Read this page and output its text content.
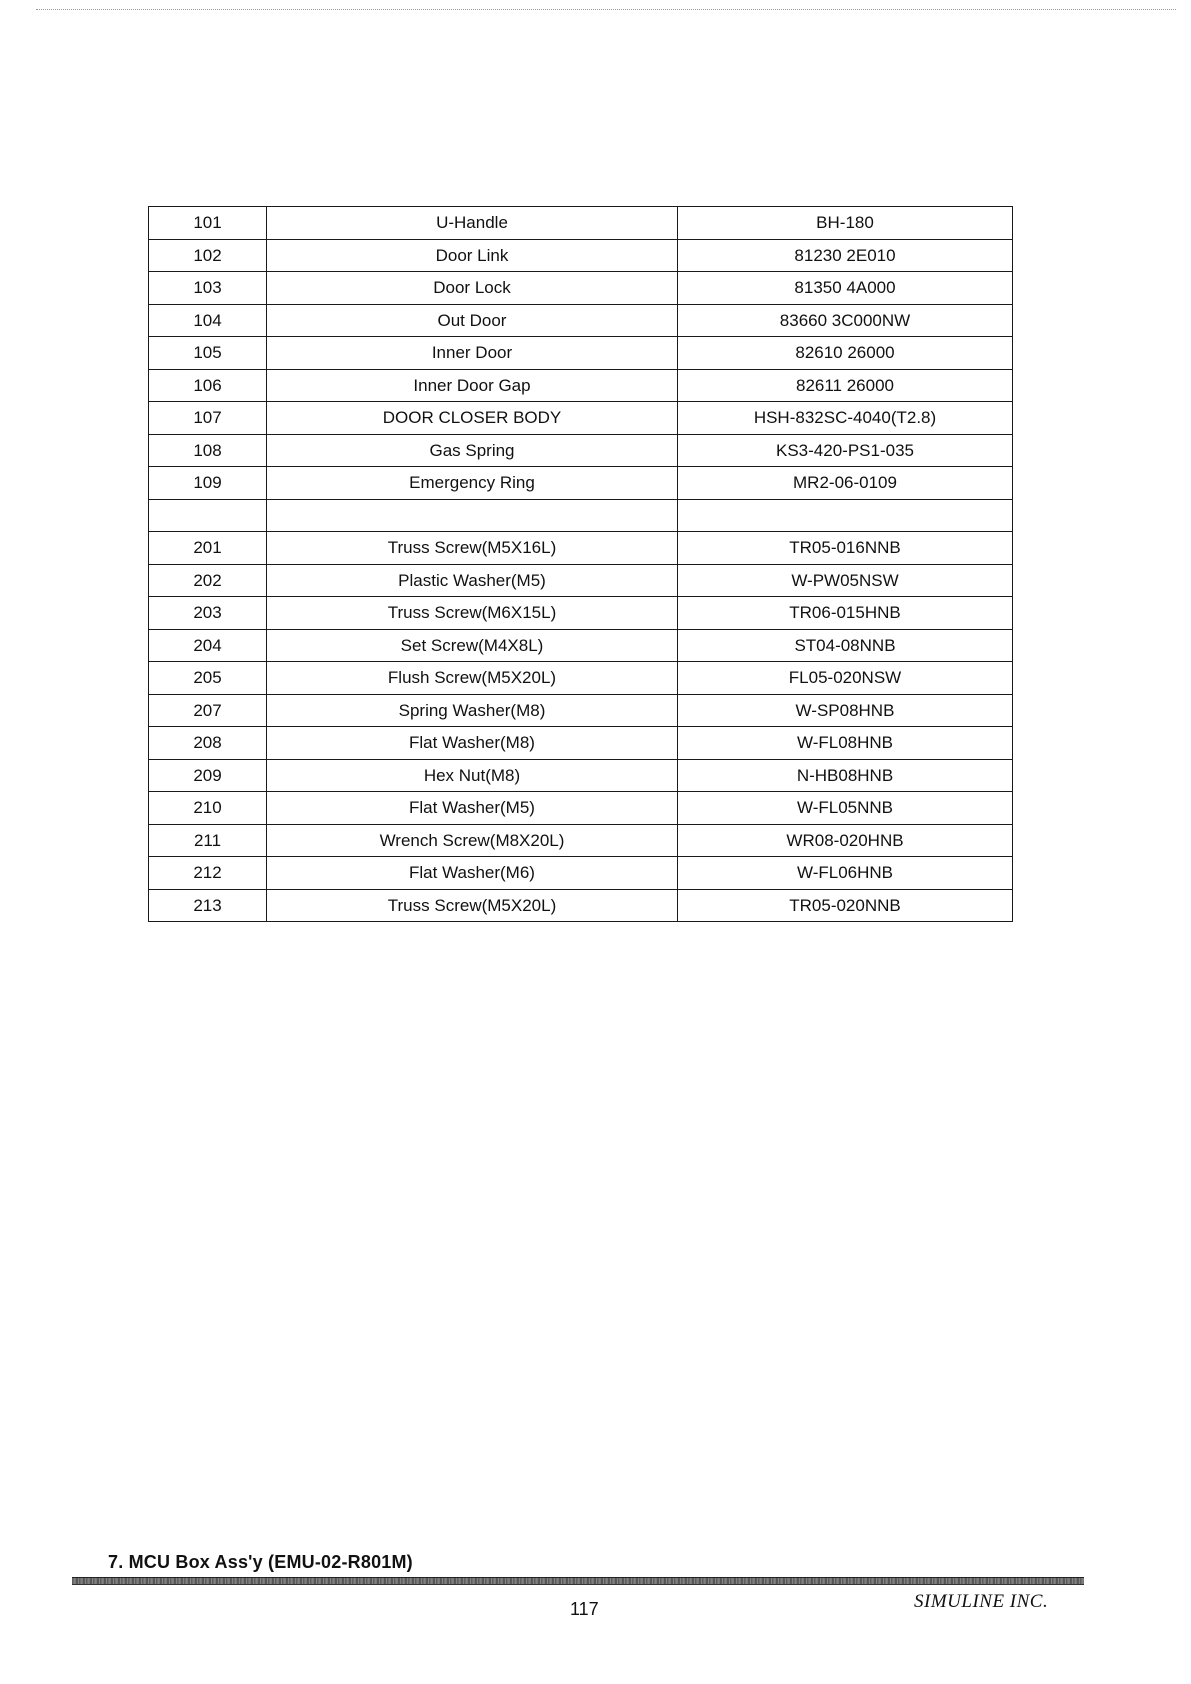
101	U-Handle	BH-180
102	Door Link	81230 2E010
103	Door Lock	81350 4A000
104	Out Door	83660 3C000NW
105	Inner Door	82610 26000
106	Inner Door Gap	82611 26000
107	DOOR CLOSER BODY	HSH-832SC-4040(T2.8)
108	Gas Spring	KS3-420-PS1-035
109	Emergency Ring	MR2-06-0109

201	Truss Screw(M5X16L)	TR05-016NNB
202	Plastic Washer(M5)	W-PW05NSW
203	Truss Screw(M6X15L)	TR06-015HNB
204	Set Screw(M4X8L)	ST04-08NNB
205	Flush Screw(M5X20L)	FL05-020NSW
207	Spring Washer(M8)	W-SP08HNB
208	Flat Washer(M8)	W-FL08HNB
209	Hex Nut(M8)	N-HB08HNB
210	Flat Washer(M5)	W-FL05NNB
211	Wrench Screw(M8X20L)	WR08-020HNB
212	Flat Washer(M6)	W-FL06HNB
213	Truss Screw(M5X20L)	TR05-020NNB
7. MCU Box Ass'y (EMU-02-R801M)
117	SIMULINE INC.
